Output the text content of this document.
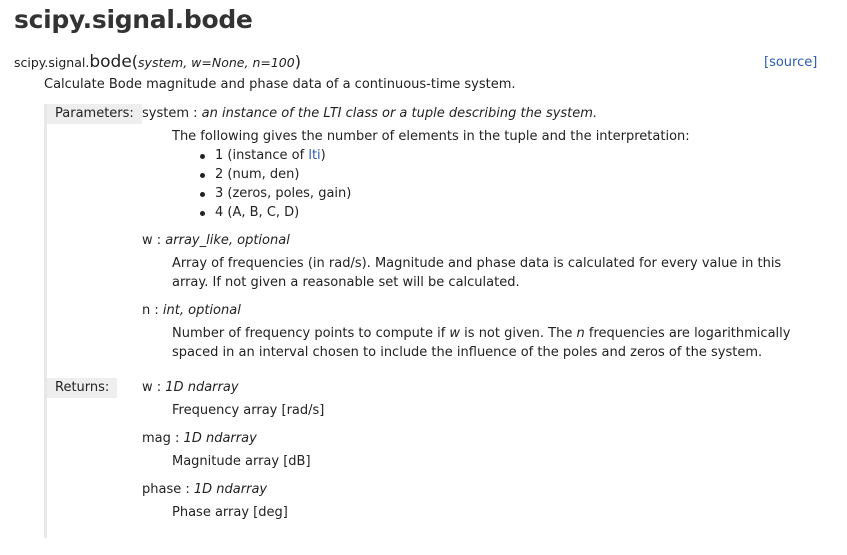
scipy.signal.bode
scipy.signal.bode(system, w=None, n=100)	[source]
Calculate Bode magnitude and phase data of a continuous-time system.
Parameters: system : an instance of the LTI class or a tuple describing the system.

The following gives the number of elements in the tuple and the interpretation:

1 (instance of lti)
2 (num, den)
3 (zeros, poles, gain)
4 (A, B, C, D)
w : array_like, optional

Array of frequencies (in rad/s). Magnitude and phase data is calculated for every value in this array. If not given a reasonable set will be calculated.

n : int, optional

Number of frequency points to compute if w is not given. The n frequencies are logarithmically spaced in an interval chosen to include the influence of the poles and zeros of the system.

Returns:	w : 1D ndarray

Frequency array [rad/s]

mag : 1D ndarray

Magnitude array [dB]

phase : 1D ndarray

Phase array [deg]
